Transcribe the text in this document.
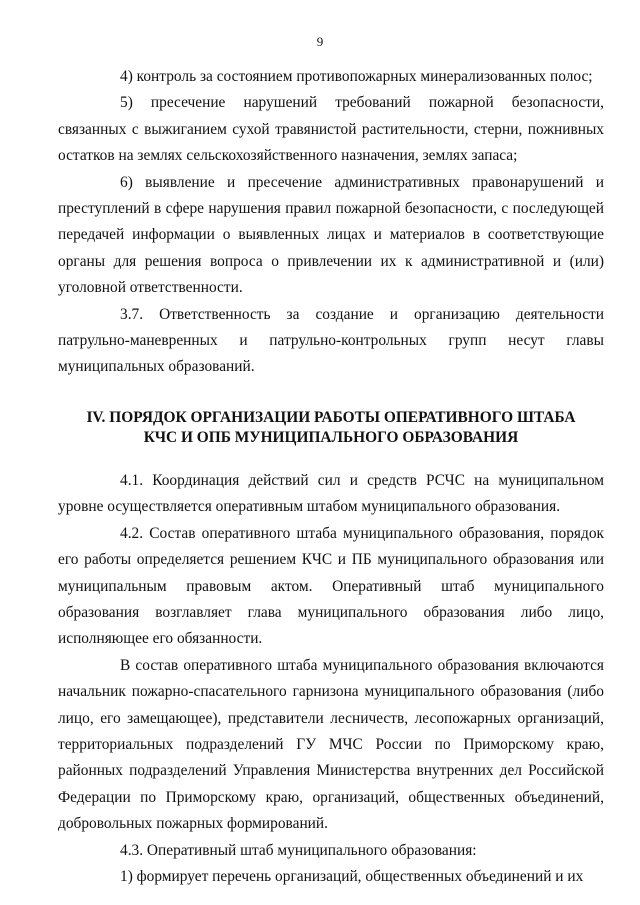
9

4) контроль за состоянием противопожарных минерализованных полос;

5) пресечение нарушений требований пожарной безопасности, связанных с выжиганием сухой травянистой растительности, стерни, пожнивных остатков на землях сельскохозяйственного назначения, землях запаса;

6) выявление и пресечение административных правонарушений и преступлений в сфере нарушения правил пожарной безопасности, с последующей передачей информации о выявленных лицах и материалов в соответствующие органы для решения вопроса о привлечении их к административной и (или) уголовной ответственности.

3.7. Ответственность за создание и организацию деятельности патрульно-маневренных и патрульно-контрольных групп несут главы муниципальных образований.

IV. ПОРЯДОК ОРГАНИЗАЦИИ РАБОТЫ ОПЕРАТИВНОГО ШТАБА
КЧС И ОПБ МУНИЦИПАЛЬНОГО ОБРАЗОВАНИЯ

4.1. Координация действий сил и средств РСЧС на муниципальном уровне осуществляется оперативным штабом муниципального образования.

4.2. Состав оперативного штаба муниципального образования, порядок его работы определяется решением КЧС и ПБ муниципального образования или муниципальным правовым актом. Оперативный штаб муниципального образования возглавляет глава муниципального образования либо лицо, исполняющее его обязанности.

В состав оперативного штаба муниципального образования включаются начальник пожарно-спасательного гарнизона муниципального образования (либо лицо, его замещающее), представители лесничеств, лесопожарных организаций, территориальных подразделений ГУ МЧС России по Приморскому краю, районных подразделений Управления Министерства внутренних дел Российской Федерации по Приморскому краю, организаций, общественных объединений, добровольных пожарных формирований.

4.3. Оперативный штаб муниципального образования:

1) формирует перечень организаций, общественных объединений и их
